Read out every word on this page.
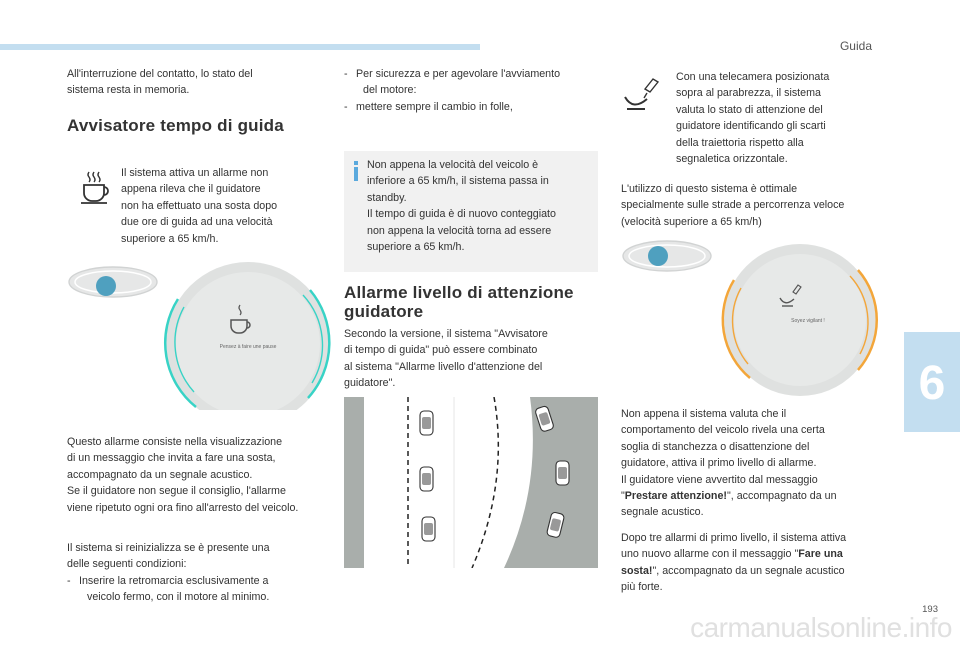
Guida
6
carmanualsonline.info
193

All'interruzione del contatto, lo stato del

sistema resta in memoria.

Avvisatore tempo di guida

Il sistema attiva un allarme non

appena rileva che il guidatore

non ha effettuato una sosta dopo

due ore di guida ad una velocità

superiore a 65 km/h.

Pensez à faire une pause

Questo allarme consiste nella visualizzazione

di un messaggio che invita a fare una sosta,

accompagnato da un segnale acustico.

Se il guidatore non segue il consiglio, l'allarme

viene ripetuto ogni ora fino all'arresto del veicolo.

Il sistema si reinizializza se è presente una

delle seguenti condizioni:

- Inserire la retromarcia esclusivamente a

veicolo fermo, con il motore al minimo.

- Per sicurezza e per agevolare l'avviamento

del motore:

- mettere sempre il cambio in folle,

Non appena la velocità del veicolo è

inferiore a 65 km/h, il sistema passa in

standby.

Il tempo di guida è di nuovo conteggiato

non appena la velocità torna ad essere

superiore a 65 km/h.

Allarme livello di attenzione
guidatore

Secondo la versione, il sistema "Avvisatore

di tempo di guida" può essere combinato

al sistema "Allarme livello d'attenzione del

guidatore".

Con una telecamera posizionata

sopra al parabrezza, il sistema

valuta lo stato di attenzione del

guidatore identificando gli scarti

della traiettoria rispetto alla

segnaletica orizzontale.

L'utilizzo di questo sistema è ottimale

specialmente sulle strade a percorrenza veloce

(velocità superiore a 65 km/h)

Soyez vigilant !

Non appena il sistema valuta che il

comportamento del veicolo rivela una certa

soglia di stanchezza o disattenzione del

guidatore, attiva il primo livello di allarme.

Il guidatore viene avvertito dal messaggio

"Prestare attenzione!", accompagnato da un

segnale acustico.

Dopo tre allarmi di primo livello, il sistema attiva

uno nuovo allarme con il messaggio "Fare una

sosta!", accompagnato da un segnale acustico

più forte.
